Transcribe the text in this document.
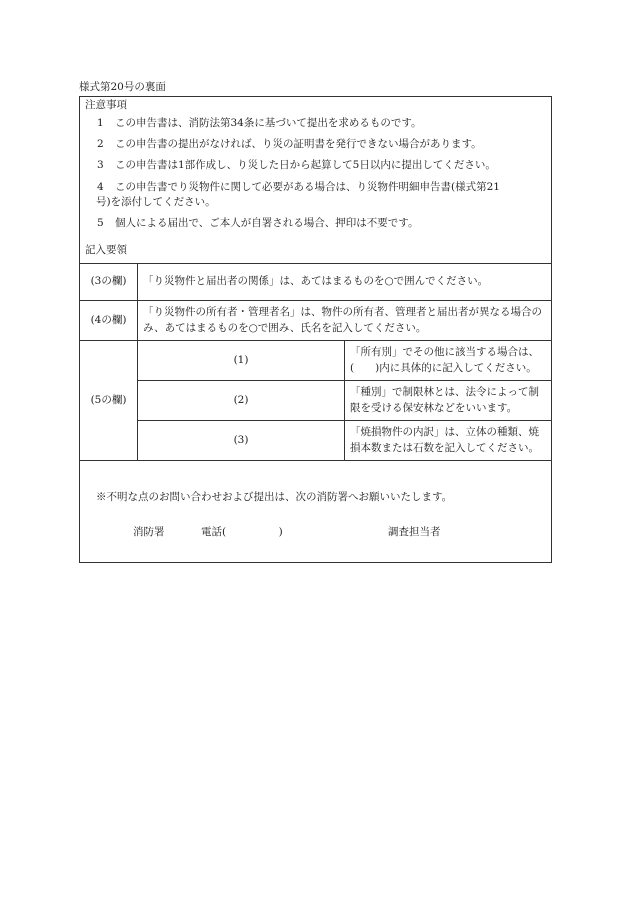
様式第20号の裏面
注意事項
1 この申告書は、消防法第34条に基づいて提出を求めるものです。
2 この申告書の提出がなければ、り災の証明書を発行できない場合があります。
3 この申告書は1部作成し、り災した日から起算して5日以内に提出してください。
4 この申告書でり災物件に関して必要がある場合は、り災物件明細申告書(様式第21
号)を添付してください。
5 個人による届出で、ご本人が自署される場合、押印は不要です。
記入要領
(3の欄)	「り災物件と届出者の関係」は、あてはまるものを○で囲んでください。	
(4の欄)	「り災物件の所有者・管理者名」は、物件の所有者、管理者と届出者が異なる場合のみ、あてはまるものを○で囲み、氏名を記入してください。	
(5の欄)	(1)	「所有別」でその他に該当する場合は、(　　)内に具体的に記入してください。
	(2)	「種別」で制限林とは、法令によって制限を受ける保安林などをいいます。
	(3)	「焼損物件の内訳」は、立体の種類、焼損本数または石数を記入してください。
※不明な点のお問い合わせおよび提出は、次の消防署へお願いいたします。
消防署	電話(　　　　　)	調査担当者
